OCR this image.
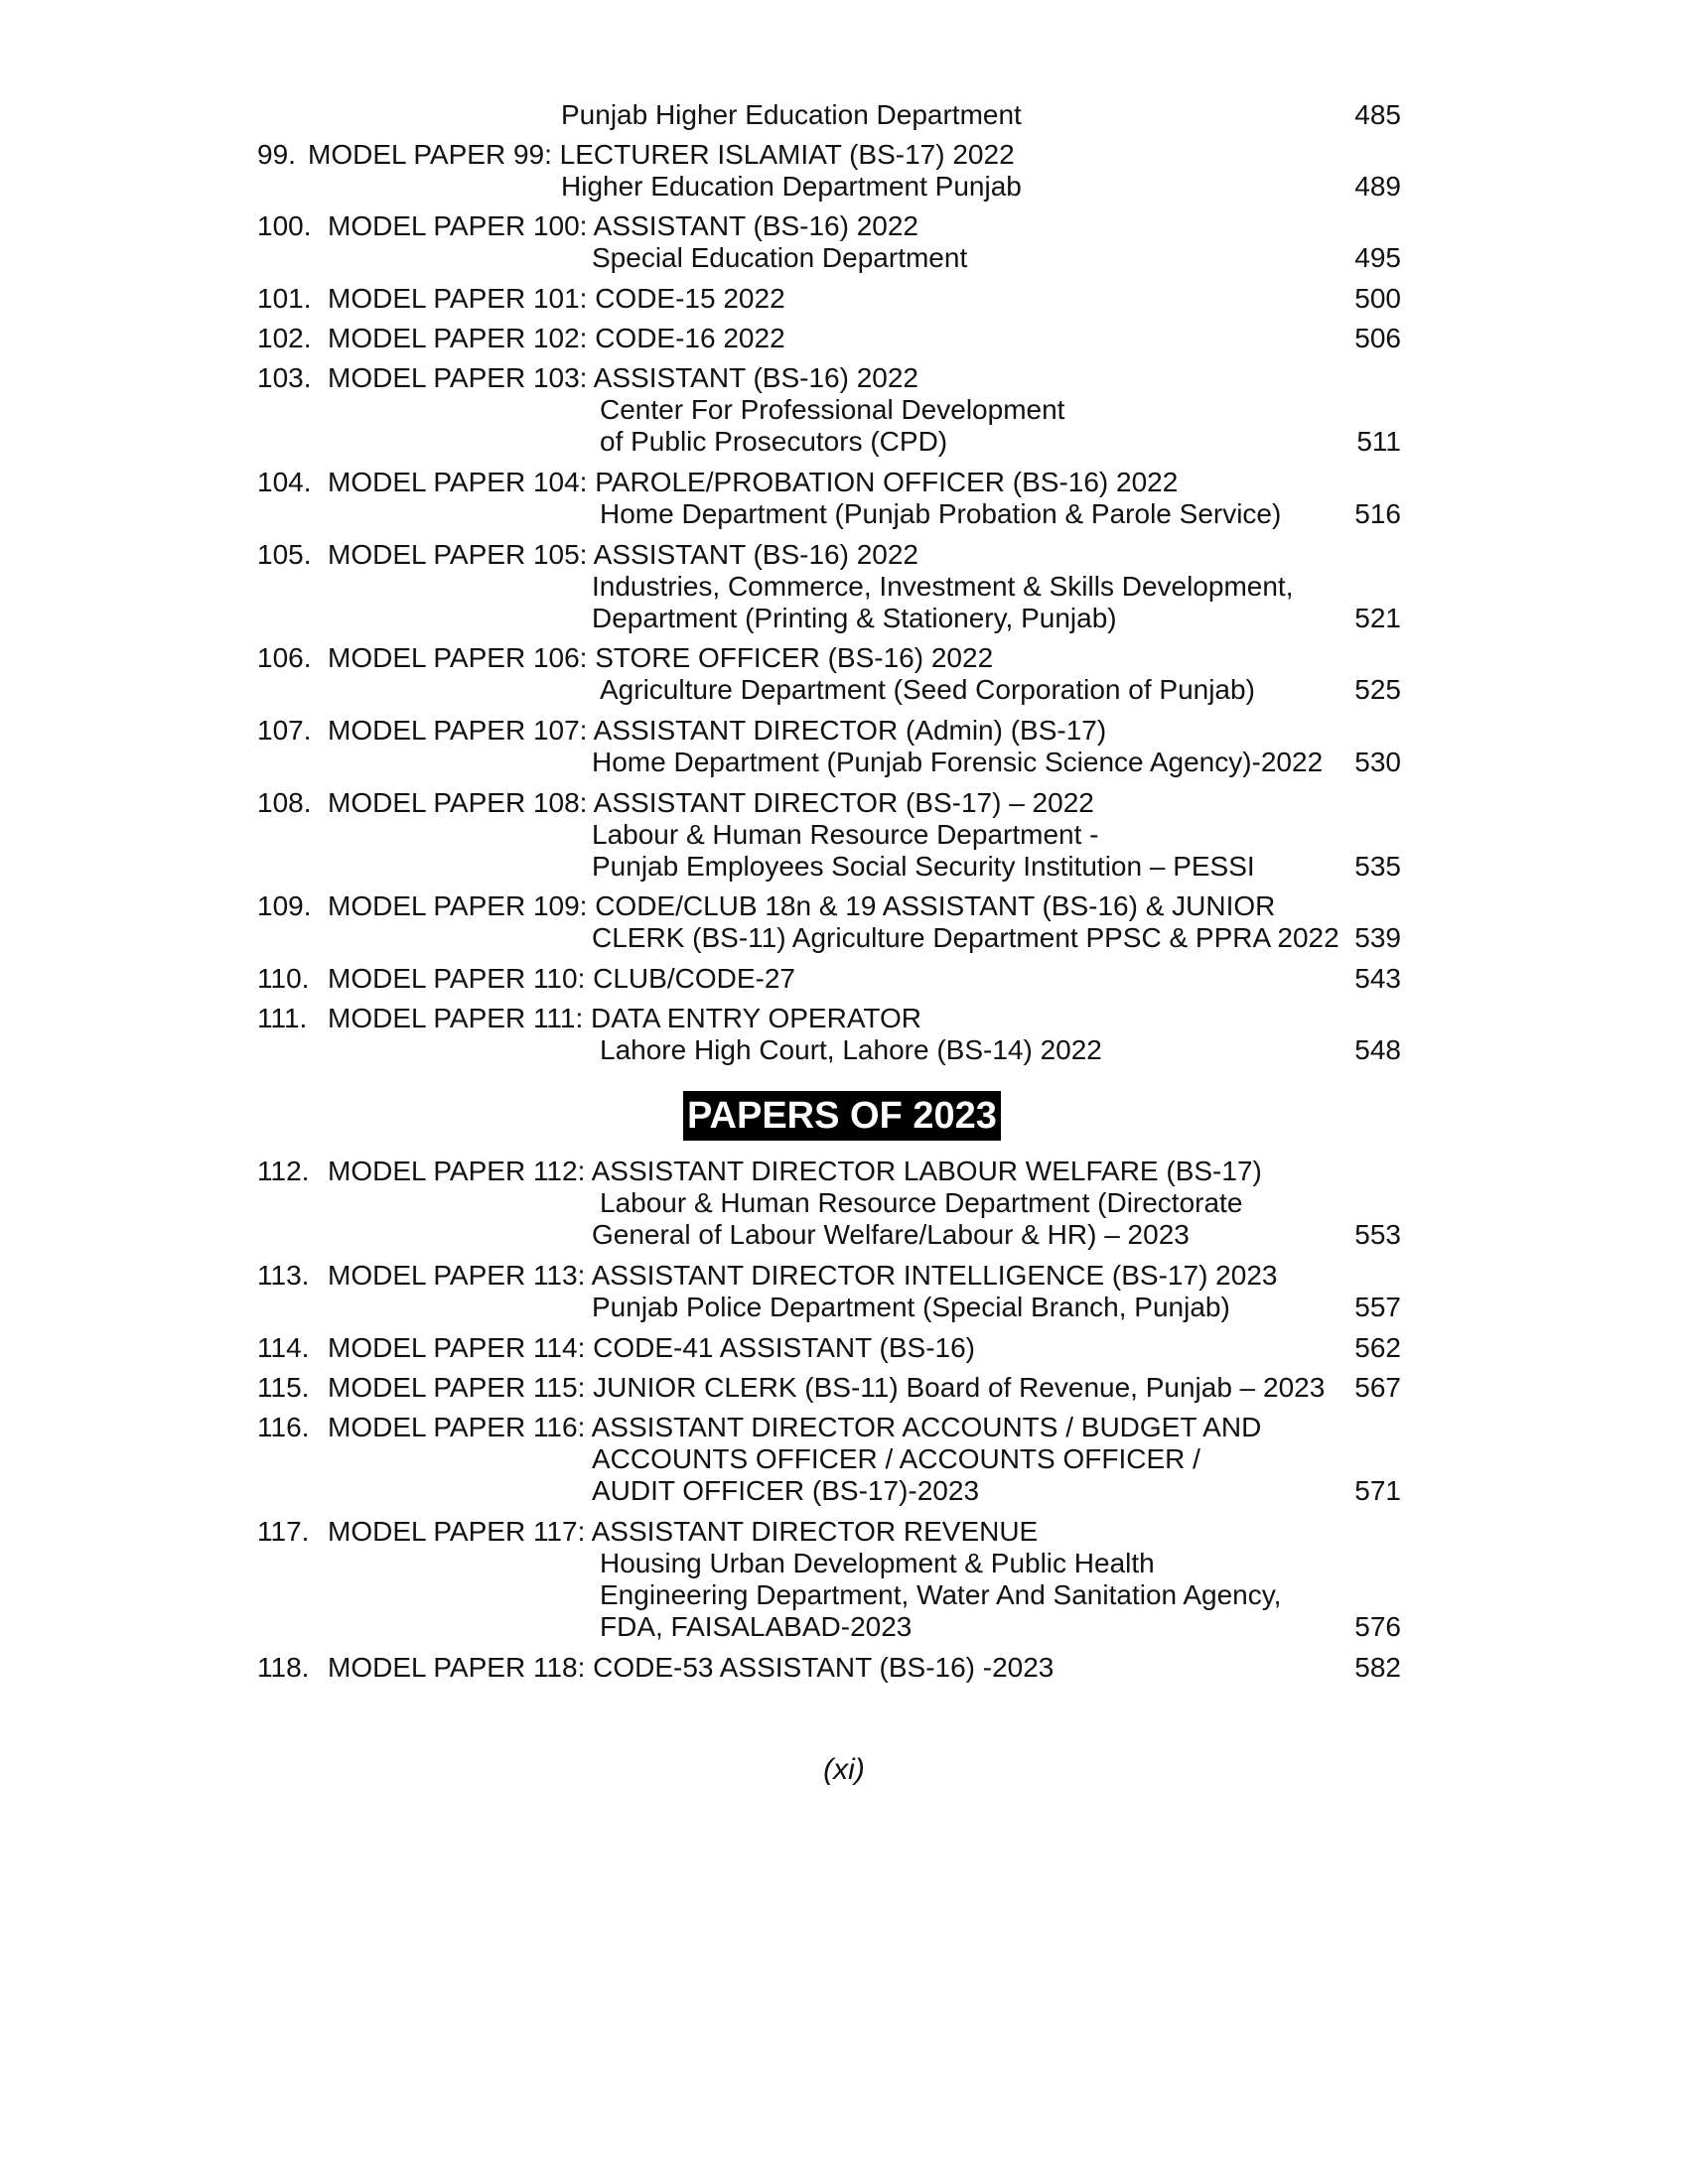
Punjab Higher Education Department	485
99. MODEL PAPER 99: LECTURER ISLAMIAT (BS-17) 2022
Higher Education Department Punjab	489
100. MODEL PAPER 100: ASSISTANT (BS-16) 2022
Special Education Department	495
101. MODEL PAPER 101: CODE-15 2022	500
102. MODEL PAPER 102: CODE-16 2022	506
103. MODEL PAPER 103: ASSISTANT (BS-16) 2022
Center For Professional Development
of Public Prosecutors (CPD)	511
104. MODEL PAPER 104: PAROLE/PROBATION OFFICER (BS-16) 2022
Home Department (Punjab Probation & Parole Service)	516
105. MODEL PAPER 105: ASSISTANT (BS-16) 2022
Industries, Commerce, Investment & Skills Development,
Department (Printing & Stationery, Punjab)	521
106. MODEL PAPER 106: STORE OFFICER (BS-16) 2022
Agriculture Department (Seed Corporation of Punjab)	525
107. MODEL PAPER 107: ASSISTANT DIRECTOR (Admin) (BS-17)
Home Department (Punjab Forensic Science Agency)-2022	530
108. MODEL PAPER 108: ASSISTANT DIRECTOR (BS-17) – 2022
Labour & Human Resource Department -
Punjab Employees Social Security Institution – PESSI	535
109. MODEL PAPER 109: CODE/CLUB 18n & 19 ASSISTANT (BS-16) & JUNIOR
CLERK (BS-11) Agriculture Department PPSC & PPRA 2022 539
110. MODEL PAPER 110: CLUB/CODE-27	543
111. MODEL PAPER 111: DATA ENTRY OPERATOR
Lahore High Court, Lahore (BS-14) 2022	548
PAPERS OF 2023
112. MODEL PAPER 112: ASSISTANT DIRECTOR LABOUR WELFARE (BS-17)
Labour & Human Resource Department (Directorate
General of Labour Welfare/Labour & HR) – 2023	553
113. MODEL PAPER 113: ASSISTANT DIRECTOR INTELLIGENCE (BS-17) 2023
Punjab Police Department (Special Branch, Punjab)	557
114. MODEL PAPER 114: CODE-41 ASSISTANT (BS-16)	562
115. MODEL PAPER 115: JUNIOR CLERK (BS-11) Board of Revenue, Punjab – 2023	567
116. MODEL PAPER 116: ASSISTANT DIRECTOR ACCOUNTS / BUDGET AND
ACCOUNTS OFFICER / ACCOUNTS OFFICER /
AUDIT OFFICER (BS-17)-2023	571
117. MODEL PAPER 117: ASSISTANT DIRECTOR REVENUE
Housing Urban Development & Public Health
Engineering Department, Water And Sanitation Agency,
FDA, FAISALABAD-2023	576
118. MODEL PAPER 118: CODE-53 ASSISTANT (BS-16) -2023	582
(xi)
